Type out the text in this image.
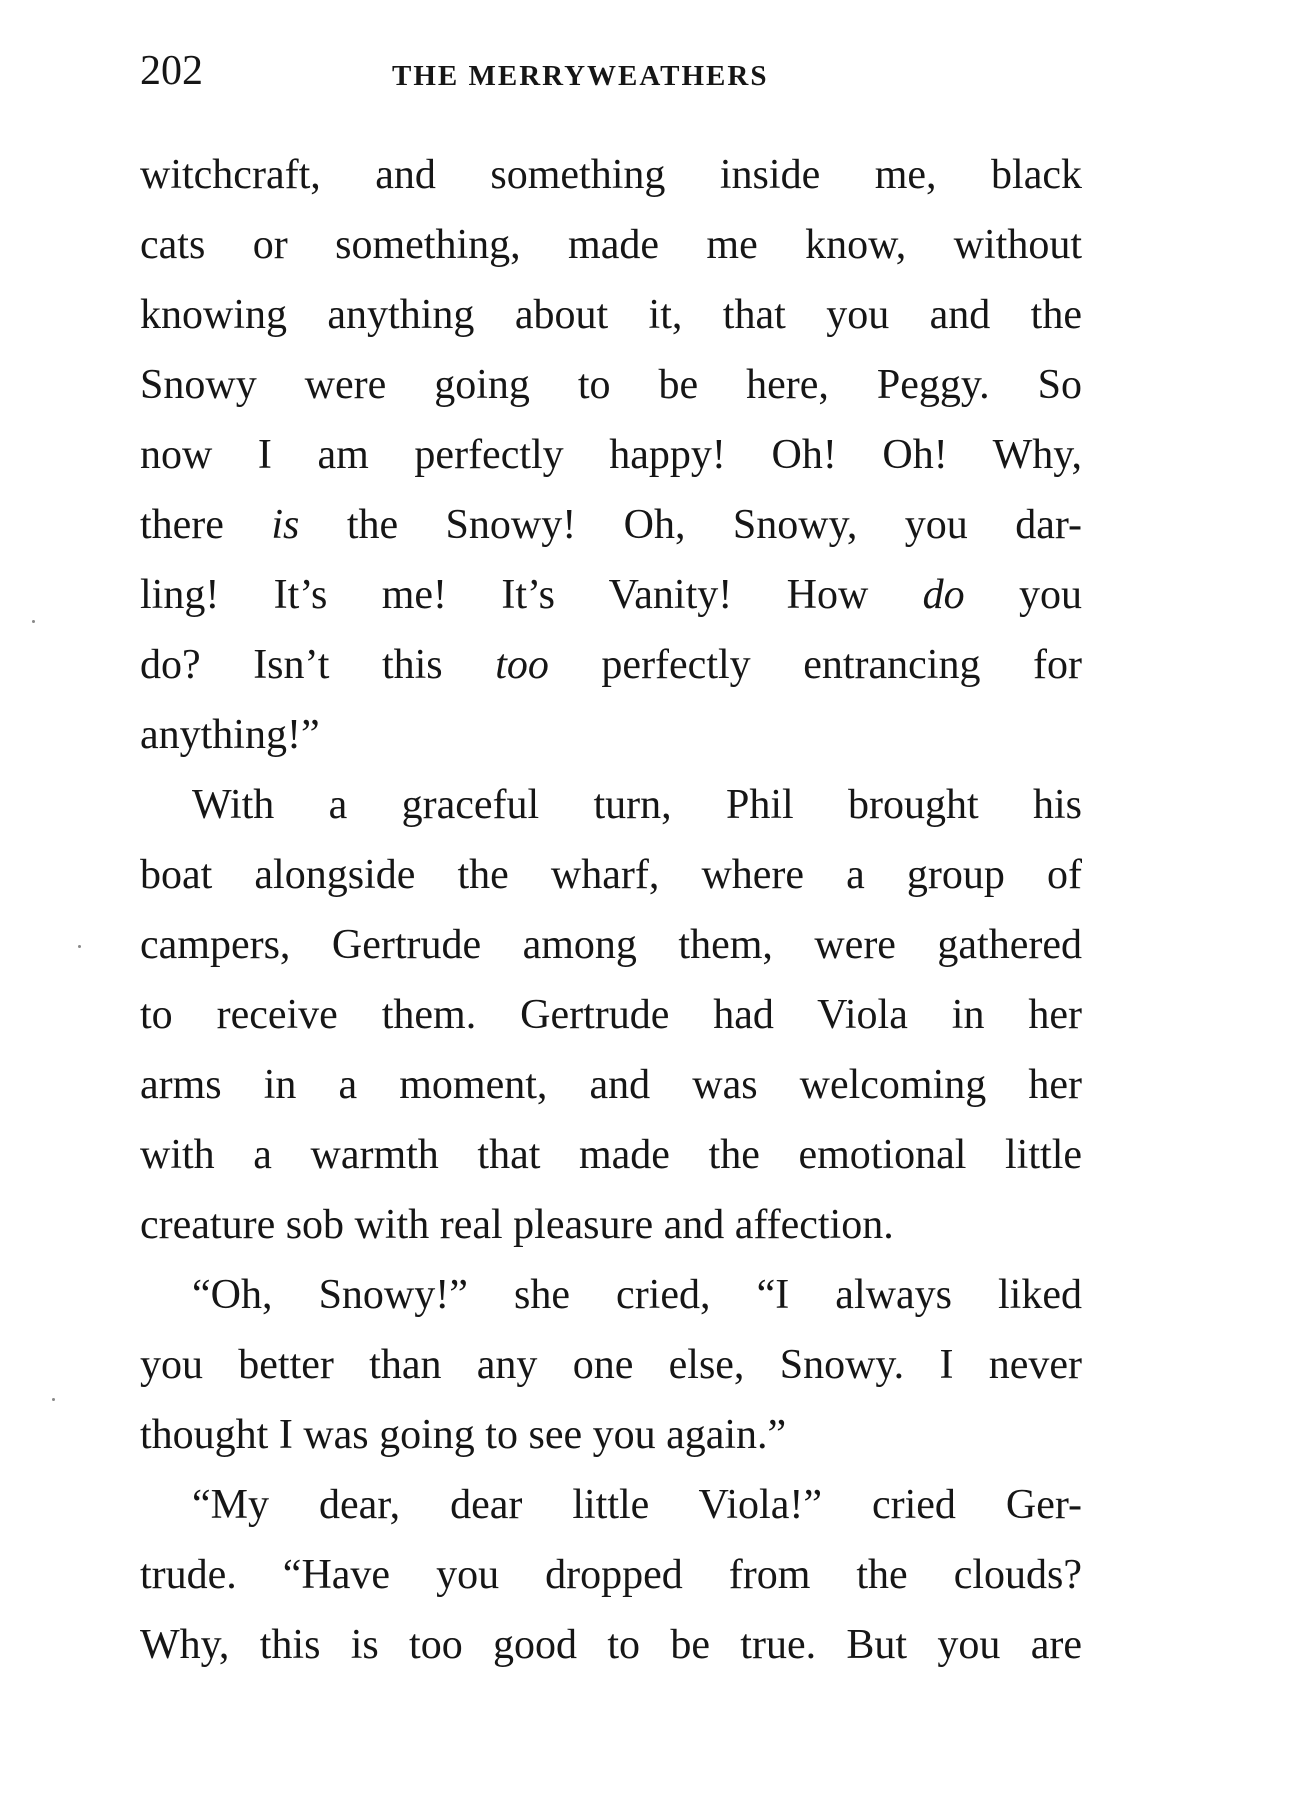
202	THE MERRYWEATHERS
witchcraft, and something inside me, black
cats or something, made me know, without
knowing anything about it, that you and the
Snowy were going to be here, Peggy. So
now I am perfectly happy! Oh! Oh! Why,
there is the Snowy! Oh, Snowy, you dar-
ling! It’s me! It’s Vanity! How do you
do? Isn’t this too perfectly entrancing for
anything!”
With a graceful turn, Phil brought his
boat alongside the wharf, where a group of
campers, Gertrude among them, were gathered
to receive them. Gertrude had Viola in her
arms in a moment, and was welcoming her
with a warmth that made the emotional little
creature sob with real pleasure and affection.
“Oh, Snowy!” she cried, “I always liked
you better than any one else, Snowy. I never
thought I was going to see you again.”
“My dear, dear little Viola!” cried Ger-
trude. “Have you dropped from the clouds?
Why, this is too good to be true. But you are
